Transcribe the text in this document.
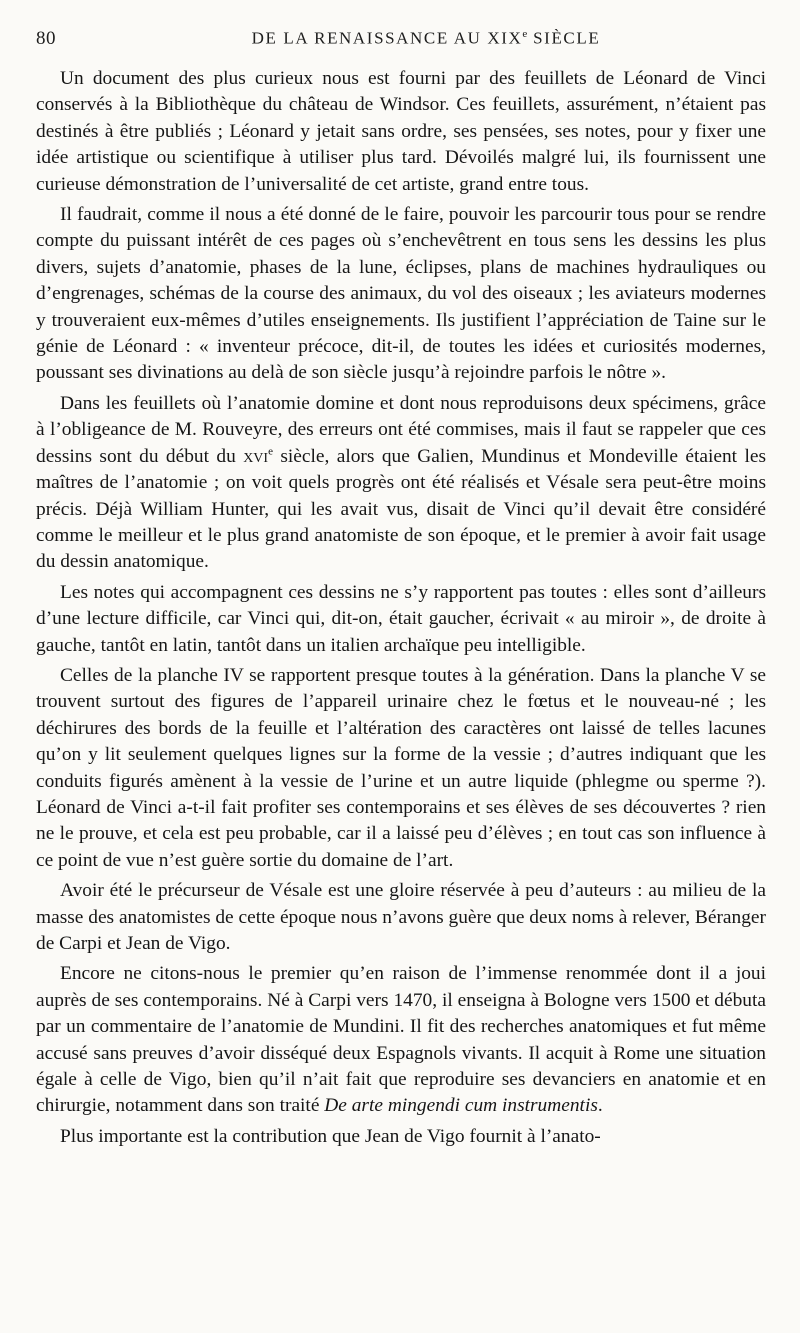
80	DE LA RENAISSANCE AU XIXe SIÈCLE

Un document des plus curieux nous est fourni par des feuillets de Léonard de Vinci conservés à la Bibliothèque du château de Windsor. Ces feuillets, assurément, n’étaient pas destinés à être publiés ; Léonard y jetait sans ordre, ses pensées, ses notes, pour y fixer une idée artistique ou scientifique à utiliser plus tard. Dévoilés malgré lui, ils fournissent une curieuse démonstration de l’universalité de cet artiste, grand entre tous.

Il faudrait, comme il nous a été donné de le faire, pouvoir les parcourir tous pour se rendre compte du puissant intérêt de ces pages où s’enchevêtrent en tous sens les dessins les plus divers, sujets d’anatomie, phases de la lune, éclipses, plans de machines hydrauliques ou d’engrenages, schémas de la course des animaux, du vol des oiseaux ; les aviateurs modernes y trouveraient eux-mêmes d’utiles enseignements. Ils justifient l’appréciation de Taine sur le génie de Léonard : « inventeur précoce, dit-il, de toutes les idées et curiosités modernes, poussant ses divinations au delà de son siècle jusqu’à rejoindre parfois le nôtre ».

Dans les feuillets où l’anatomie domine et dont nous reproduisons deux spécimens, grâce à l’obligeance de M. Rouveyre, des erreurs ont été commises, mais il faut se rappeler que ces dessins sont du début du xvi$^e$ siècle, alors que Galien, Mundinus et Mondeville étaient les maîtres de l’anatomie ; on voit quels progrès ont été réalisés et Vésale sera peut-être moins précis. Déjà William Hunter, qui les avait vus, disait de Vinci qu’il devait être considéré comme le meilleur et le plus grand anatomiste de son époque, et le premier à avoir fait usage du dessin anatomique.

Les notes qui accompagnent ces dessins ne s’y rapportent pas toutes : elles sont d’ailleurs d’une lecture difficile, car Vinci qui, dit-on, était gaucher, écrivait « au miroir », de droite à gauche, tantôt en latin, tantôt dans un italien archaïque peu intelligible.

Celles de la planche IV se rapportent presque toutes à la génération. Dans la planche V se trouvent surtout des figures de l’appareil urinaire chez le fœtus et le nouveau-né ; les déchirures des bords de la feuille et l’altération des caractères ont laissé de telles lacunes qu’on y lit seulement quelques lignes sur la forme de la vessie ; d’autres indiquant que les conduits figurés amènent à la vessie de l’urine et un autre liquide (phlegme ou sperme ?). Léonard de Vinci a-t-il fait profiter ses contemporains et ses élèves de ses découvertes ? rien ne le prouve, et cela est peu probable, car il a laissé peu d’élèves ; en tout cas son influence à ce point de vue n’est guère sortie du domaine de l’art.

Avoir été le précurseur de Vésale est une gloire réservée à peu d’auteurs : au milieu de la masse des anatomistes de cette époque nous n’avons guère que deux noms à relever, Béranger de Carpi et Jean de Vigo.

Encore ne citons-nous le premier qu’en raison de l’immense renommée dont il a joui auprès de ses contemporains. Né à Carpi vers 1470, il enseigna à Bologne vers 1500 et débuta par un commentaire de l’anatomie de Mundini. Il fit des recherches anatomiques et fut même accusé sans preuves d’avoir disséqué deux Espagnols vivants. Il acquit à Rome une situation égale à celle de Vigo, bien qu’il n’ait fait que reproduire ses devanciers en anatomie et en chirurgie, notamment dans son traité De arte mingendi cum instrumentis.

Plus importante est la contribution que Jean de Vigo fournit à l’anato-
